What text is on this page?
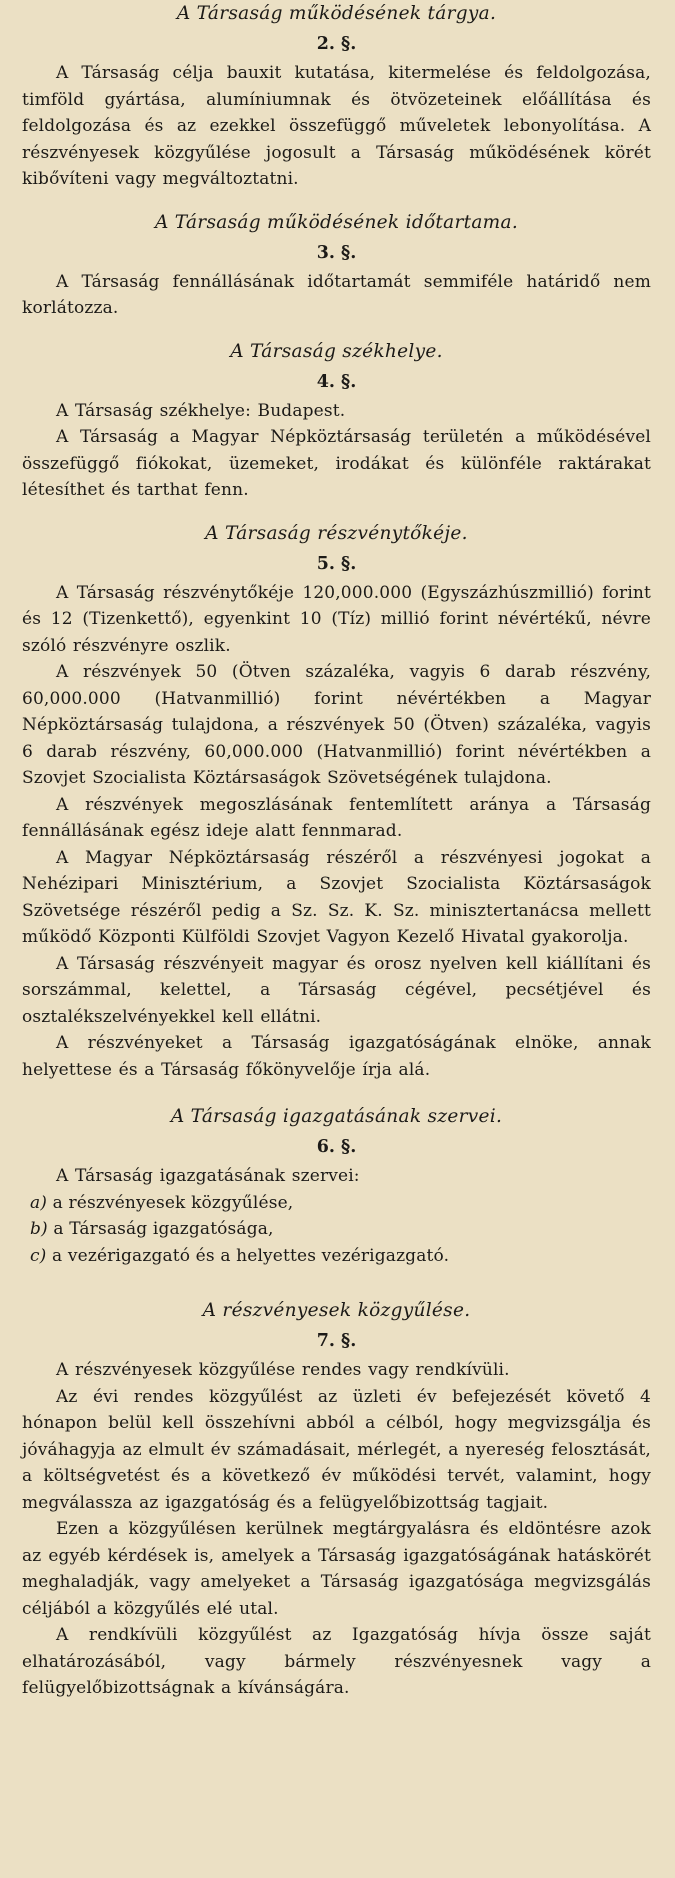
A Társaság működésének tárgya.
2. §.

A Társaság célja bauxit kutatása, kitermelése és feldolgozása, timföld gyártása, alumíniumnak és ötvözeteinek előállítása és feldolgozása és az ezekkel összefüggő műveletek lebonyolítása. A részvényesek közgyűlése jogosult a Társaság működésének körét kibővíteni vagy megváltoztatni.

A Társaság működésének időtartama.
3. §.

A Társaság fennállásának időtartamát semmiféle határidő nem korlátozza.

A Társaság székhelye.
4. §.

A Társaság székhelye: Budapest.

A Társaság a Magyar Népköztársaság területén a működésével összefüggő fiókokat, üzemeket, irodákat és különféle raktárakat létesíthet és tarthat fenn.

A Társaság részvénytőkéje.
5. §.

A Társaság részvénytőkéje 120,000.000 (Egyszázhúszmillió) forint és 12 (Tizenkettő), egyenkint 10 (Tíz) millió forint névértékű, névre szóló részvényre oszlik.

A részvények 50 (Ötven százaléka, vagyis 6 darab részvény, 60,000.000 (Hatvanmillió) forint névértékben a Magyar Népköztársaság tulajdona, a részvények 50 (Ötven) százaléka, vagyis 6 darab részvény, 60,000.000 (Hatvanmillió) forint névértékben a Szovjet Szocialista Köztársaságok Szövetségének tulajdona.

A részvények megoszlásának fentemlített aránya a Társaság fennállásának egész ideje alatt fennmarad.

A Magyar Népköztársaság részéről a részvényesi jogokat a Nehézipari Minisztérium, a Szovjet Szocialista Köztársaságok Szövetsége részéről pedig a Sz. Sz. K. Sz. minisztertanácsa mellett működő Központi Külföldi Szovjet Vagyon Kezelő Hivatal gyakorolja.

A Társaság részvényeit magyar és orosz nyelven kell kiállítani és sorszámmal, kelettel, a Társaság cégével, pecsétjével és osztalékszelvényekkel kell ellátni.

A részvényeket a Társaság igazgatóságának elnöke, annak helyettese és a Társaság főkönyvelője írja alá.

A Társaság igazgatásának szervei.
6. §.

A Társaság igazgatásának szervei:

a) a részvényesek közgyűlése,
b) a Társaság igazgatósága,
c) a vezérigazgató és a helyettes vezérigazgató.
A részvényesek közgyűlése.
7. §.

A részvényesek közgyűlése rendes vagy rendkívüli.

Az évi rendes közgyűlést az üzleti év befejezését követő 4 hónapon belül kell összehívni abból a célból, hogy megvizsgálja és jóváhagyja az elmult év számadásait, mérlegét, a nyereség felosztását, a költségvetést és a következő év működési tervét, valamint, hogy megválassza az igazgatóság és a felügyelőbizottság tagjait.

Ezen a közgyűlésen kerülnek megtárgyalásra és eldöntésre azok az egyéb kérdések is, amelyek a Társaság igazgatóságának hatáskörét meghaladják, vagy amelyeket a Társaság igazgatósága megvizsgálás céljából a közgyűlés elé utal.

A rendkívüli közgyűlést az Igazgatóság hívja össze saját elhatározásából, vagy bármely részvényesnek vagy a felügyelőbizottságnak a kívánságára.
